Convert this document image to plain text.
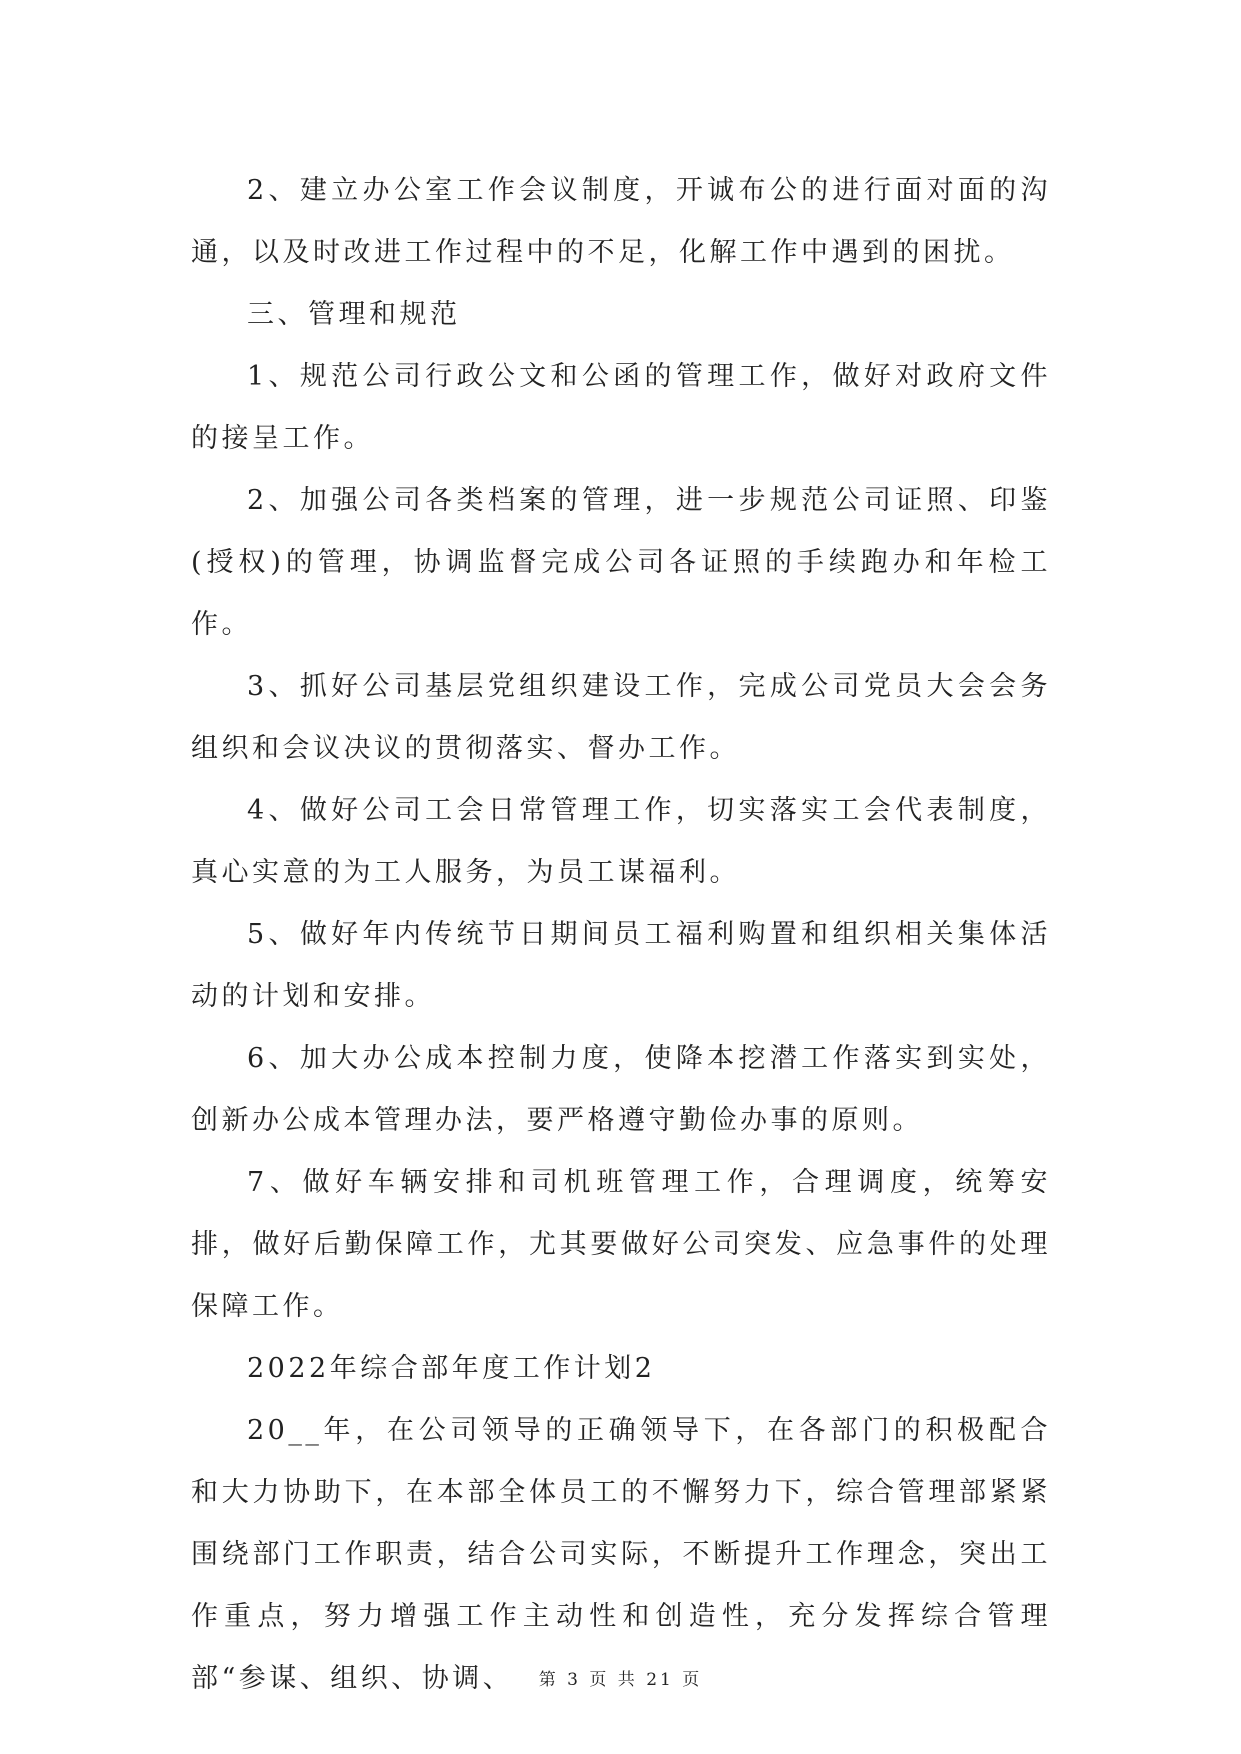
2、建立办公室工作会议制度，开诚布公的进行面对面的沟通，以及时改进工作过程中的不足，化解工作中遇到的困扰。

三、管理和规范

1、规范公司行政公文和公函的管理工作，做好对政府文件的接呈工作。

2、加强公司各类档案的管理，进一步规范公司证照、印鉴(授权)的管理，协调监督完成公司各证照的手续跑办和年检工作。

3、抓好公司基层党组织建设工作，完成公司党员大会会务组织和会议决议的贯彻落实、督办工作。

4、做好公司工会日常管理工作，切实落实工会代表制度，真心实意的为工人服务，为员工谋福利。

5、做好年内传统节日期间员工福利购置和组织相关集体活动的计划和安排。

6、加大办公成本控制力度，使降本挖潜工作落实到实处，创新办公成本管理办法，要严格遵守勤俭办事的原则。

7、做好车辆安排和司机班管理工作，合理调度，统筹安排，做好后勤保障工作，尤其要做好公司突发、应急事件的处理保障工作。

2022年综合部年度工作计划2

20__年，在公司领导的正确领导下，在各部门的积极配合和大力协助下，在本部全体员工的不懈努力下，综合管理部紧紧围绕部门工作职责，结合公司实际，不断提升工作理念，突出工作重点，努力增强工作主动性和创造性，充分发挥综合管理部“参谋、组织、协调、	第 3 页 共 21 页
